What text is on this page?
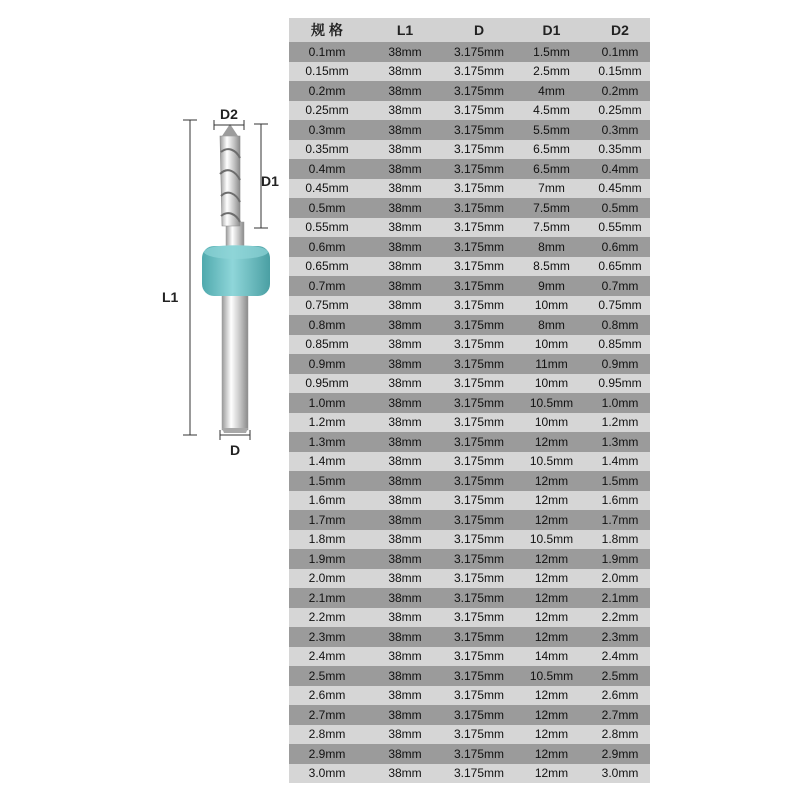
D2
D1
L1
D
规 格	L1	D	D1	D2
0.1mm	38mm	3.175mm	1.5mm	0.1mm
0.15mm	38mm	3.175mm	2.5mm	0.15mm
0.2mm	38mm	3.175mm	4mm	0.2mm
0.25mm	38mm	3.175mm	4.5mm	0.25mm
0.3mm	38mm	3.175mm	5.5mm	0.3mm
0.35mm	38mm	3.175mm	6.5mm	0.35mm
0.4mm	38mm	3.175mm	6.5mm	0.4mm
0.45mm	38mm	3.175mm	7mm	0.45mm
0.5mm	38mm	3.175mm	7.5mm	0.5mm
0.55mm	38mm	3.175mm	7.5mm	0.55mm
0.6mm	38mm	3.175mm	8mm	0.6mm
0.65mm	38mm	3.175mm	8.5mm	0.65mm
0.7mm	38mm	3.175mm	9mm	0.7mm
0.75mm	38mm	3.175mm	10mm	0.75mm
0.8mm	38mm	3.175mm	8mm	0.8mm
0.85mm	38mm	3.175mm	10mm	0.85mm
0.9mm	38mm	3.175mm	11mm	0.9mm
0.95mm	38mm	3.175mm	10mm	0.95mm
1.0mm	38mm	3.175mm	10.5mm	1.0mm
1.2mm	38mm	3.175mm	10mm	1.2mm
1.3mm	38mm	3.175mm	12mm	1.3mm
1.4mm	38mm	3.175mm	10.5mm	1.4mm
1.5mm	38mm	3.175mm	12mm	1.5mm
1.6mm	38mm	3.175mm	12mm	1.6mm
1.7mm	38mm	3.175mm	12mm	1.7mm
1.8mm	38mm	3.175mm	10.5mm	1.8mm
1.9mm	38mm	3.175mm	12mm	1.9mm
2.0mm	38mm	3.175mm	12mm	2.0mm
2.1mm	38mm	3.175mm	12mm	2.1mm
2.2mm	38mm	3.175mm	12mm	2.2mm
2.3mm	38mm	3.175mm	12mm	2.3mm
2.4mm	38mm	3.175mm	14mm	2.4mm
2.5mm	38mm	3.175mm	10.5mm	2.5mm
2.6mm	38mm	3.175mm	12mm	2.6mm
2.7mm	38mm	3.175mm	12mm	2.7mm
2.8mm	38mm	3.175mm	12mm	2.8mm
2.9mm	38mm	3.175mm	12mm	2.9mm
3.0mm	38mm	3.175mm	12mm	3.0mm
